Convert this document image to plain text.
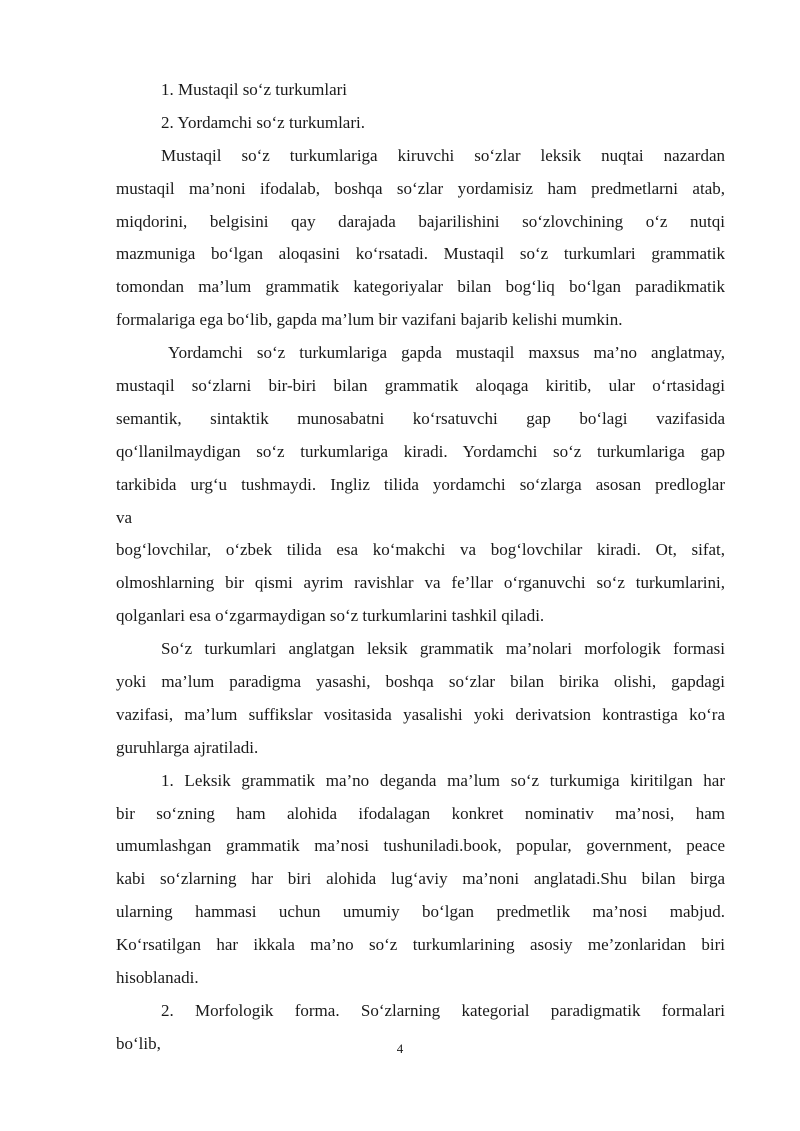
1. Mustaqil so‘z turkumlari
2. Yordamchi so‘z turkumlari.
Mustaqil so‘z turkumlariga kiruvchi so‘zlar leksik nuqtai nazardan
mustaqil ma’noni ifodalab, boshqa so‘zlar yordamisiz ham predmetlarni atab,
miqdorini, belgisini qay darajada bajarilishini so‘zlovchining o‘z nutqi
mazmuniga bo‘lgan aloqasini ko‘rsatadi. Mustaqil so‘z turkumlari grammatik
tomondan ma’lum grammatik kategoriyalar bilan bog‘liq bo‘lgan paradikmatik
formalariga ega bo‘lib, gapda ma’lum bir vazifani bajarib kelishi mumkin.
Yordamchi so‘z turkumlariga gapda mustaqil maxsus ma’no anglatmay,
mustaqil so‘zlarni bir-biri bilan grammatik aloqaga kiritib, ular o‘rtasidagi
semantik, sintaktik munosabatni ko‘rsatuvchi gap bo‘lagi vazifasida
qo‘llanilmaydigan so‘z turkumlariga kiradi. Yordamchi so‘z turkumlariga gap
tarkibida urg‘u tushmaydi. Ingliz tilida yordamchi so‘zlarga asosan predloglar
va
bog‘lovchilar, o‘zbek tilida esa ko‘makchi va bog‘lovchilar kiradi. Ot, sifat,
olmoshlarning bir qismi ayrim ravishlar va fe’llar o‘rganuvchi so‘z turkumlarini,
qolganlari esa o‘zgarmaydigan so‘z turkumlarini tashkil qiladi.
So‘z turkumlari anglatgan leksik grammatik ma’nolari morfologik formasi
yoki ma’lum paradigma yasashi, boshqa so‘zlar bilan birika olishi, gapdagi
vazifasi, ma’lum suffikslar vositasida yasalishi yoki derivatsion kontrastiga ko‘ra
guruhlarga ajratiladi.
1. Leksik grammatik ma’no deganda ma’lum so‘z turkumiga kiritilgan har
bir so‘zning ham alohida ifodalagan konkret nominativ ma’nosi, ham
umumlashgan grammatik ma’nosi tushuniladi.book, popular, government, peace
kabi so‘zlarning har biri alohida lug‘aviy ma’noni anglatadi.Shu bilan birga
ularning hammasi uchun umumiy bo‘lgan predmetlik ma’nosi mabjud.
Ko‘rsatilgan har ikkala ma’no so‘z turkumlarining asosiy me’zonlaridan biri
hisoblanadi.
2. Morfologik forma. So‘zlarning kategorial paradigmatik formalari
bo‘lib,	4
